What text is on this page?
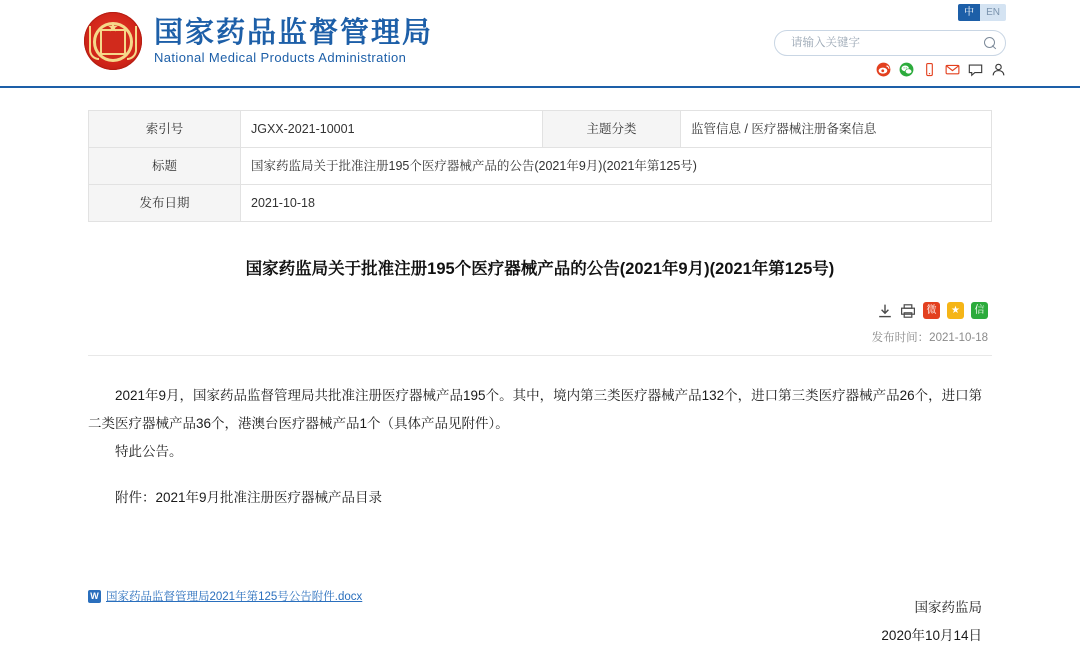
中	EN
★ 国家药品监督管理局
National Medical Products Administration
请输入关键字
索引号	JGXX-2021-10001	主题分类	监管信息 / 医疗器械注册备案信息
标题	国家药监局关于批准注册195个医疗器械产品的公告(2021年9月)(2021年第125号)		
发布日期	2021-10-18		
国家药监局关于批准注册195个医疗器械产品的公告(2021年9月)(2021年第125号)
微	★	信
发布时间：2021-10-18

2021年9月，国家药品监督管理局共批准注册医疗器械产品195个。其中，境内第三类医疗器械产品132个，进口第三类医疗器械产品26个，进口第二类医疗器械产品36个，港澳台医疗器械产品1个（具体产品见附件）。

特此公告。

附件：2021年9月批准注册医疗器械产品目录

国家药监局
2020年10月14日
W
国家药品监督管理局2021年第125号公告附件.docx
